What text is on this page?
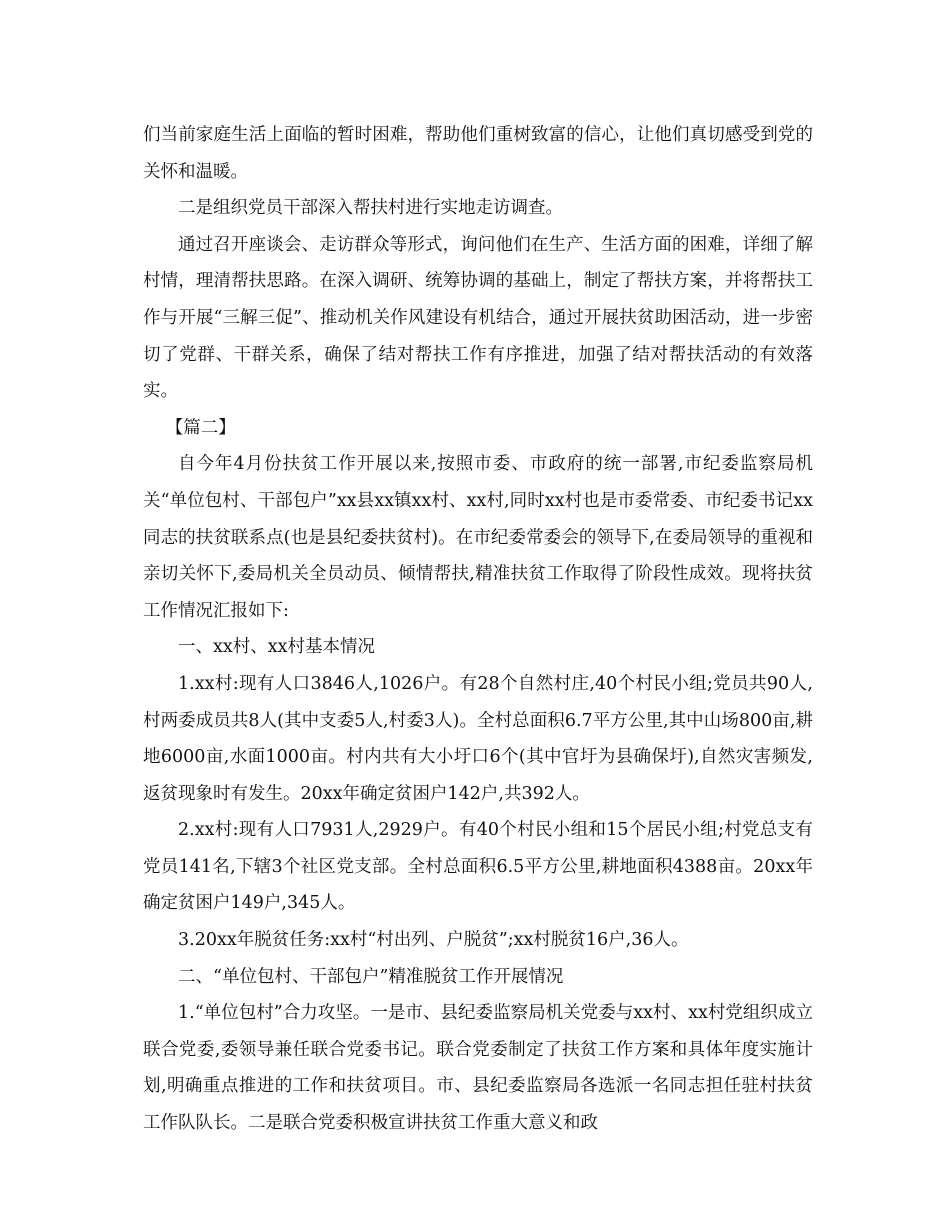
们当前家庭生活上面临的暂时困难，帮助他们重树致富的信心，让他们真切感受到党的关怀和温暖。

二是组织党员干部深入帮扶村进行实地走访调查。

通过召开座谈会、走访群众等形式，询问他们在生产、生活方面的困难，详细了解村情，理清帮扶思路。在深入调研、统筹协调的基础上，制定了帮扶方案，并将帮扶工作与开展“三解三促”、推动机关作风建设有机结合，通过开展扶贫助困活动，进一步密切了党群、干群关系，确保了结对帮扶工作有序推进，加强了结对帮扶活动的有效落实。

【篇二】

自今年4月份扶贫工作开展以来,按照市委、市政府的统一部署,市纪委监察局机关“单位包村、干部包户”xx县xx镇xx村、xx村,同时xx村也是市委常委、市纪委书记xx同志的扶贫联系点(也是县纪委扶贫村)。在市纪委常委会的领导下,在委局领导的重视和亲切关怀下,委局机关全员动员、倾情帮扶,精准扶贫工作取得了阶段性成效。现将扶贫工作情况汇报如下:

一、xx村、xx村基本情况

1.xx村:现有人口3846人,1026户。有28个自然村庄,40个村民小组;党员共90人,村两委成员共8人(其中支委5人,村委3人)。全村总面积6.7平方公里,其中山场800亩,耕地6000亩,水面1000亩。村内共有大小圩口6个(其中官圩为县确保圩),自然灾害频发,返贫现象时有发生。20xx年确定贫困户142户,共392人。

2.xx村:现有人口7931人,2929户。有40个村民小组和15个居民小组;村党总支有党员141名,下辖3个社区党支部。全村总面积6.5平方公里,耕地面积4388亩。20xx年确定贫困户149户,345人。

3.20xx年脱贫任务:xx村“村出列、户脱贫”;xx村脱贫16户,36人。

二、“单位包村、干部包户”精准脱贫工作开展情况

1.“单位包村”合力攻坚。一是市、县纪委监察局机关党委与xx村、xx村党组织成立联合党委,委领导兼任联合党委书记。联合党委制定了扶贫工作方案和具体年度实施计划,明确重点推进的工作和扶贫项目。市、县纪委监察局各选派一名同志担任驻村扶贫工作队队长。二是联合党委积极宣讲扶贫工作重大意义和政
